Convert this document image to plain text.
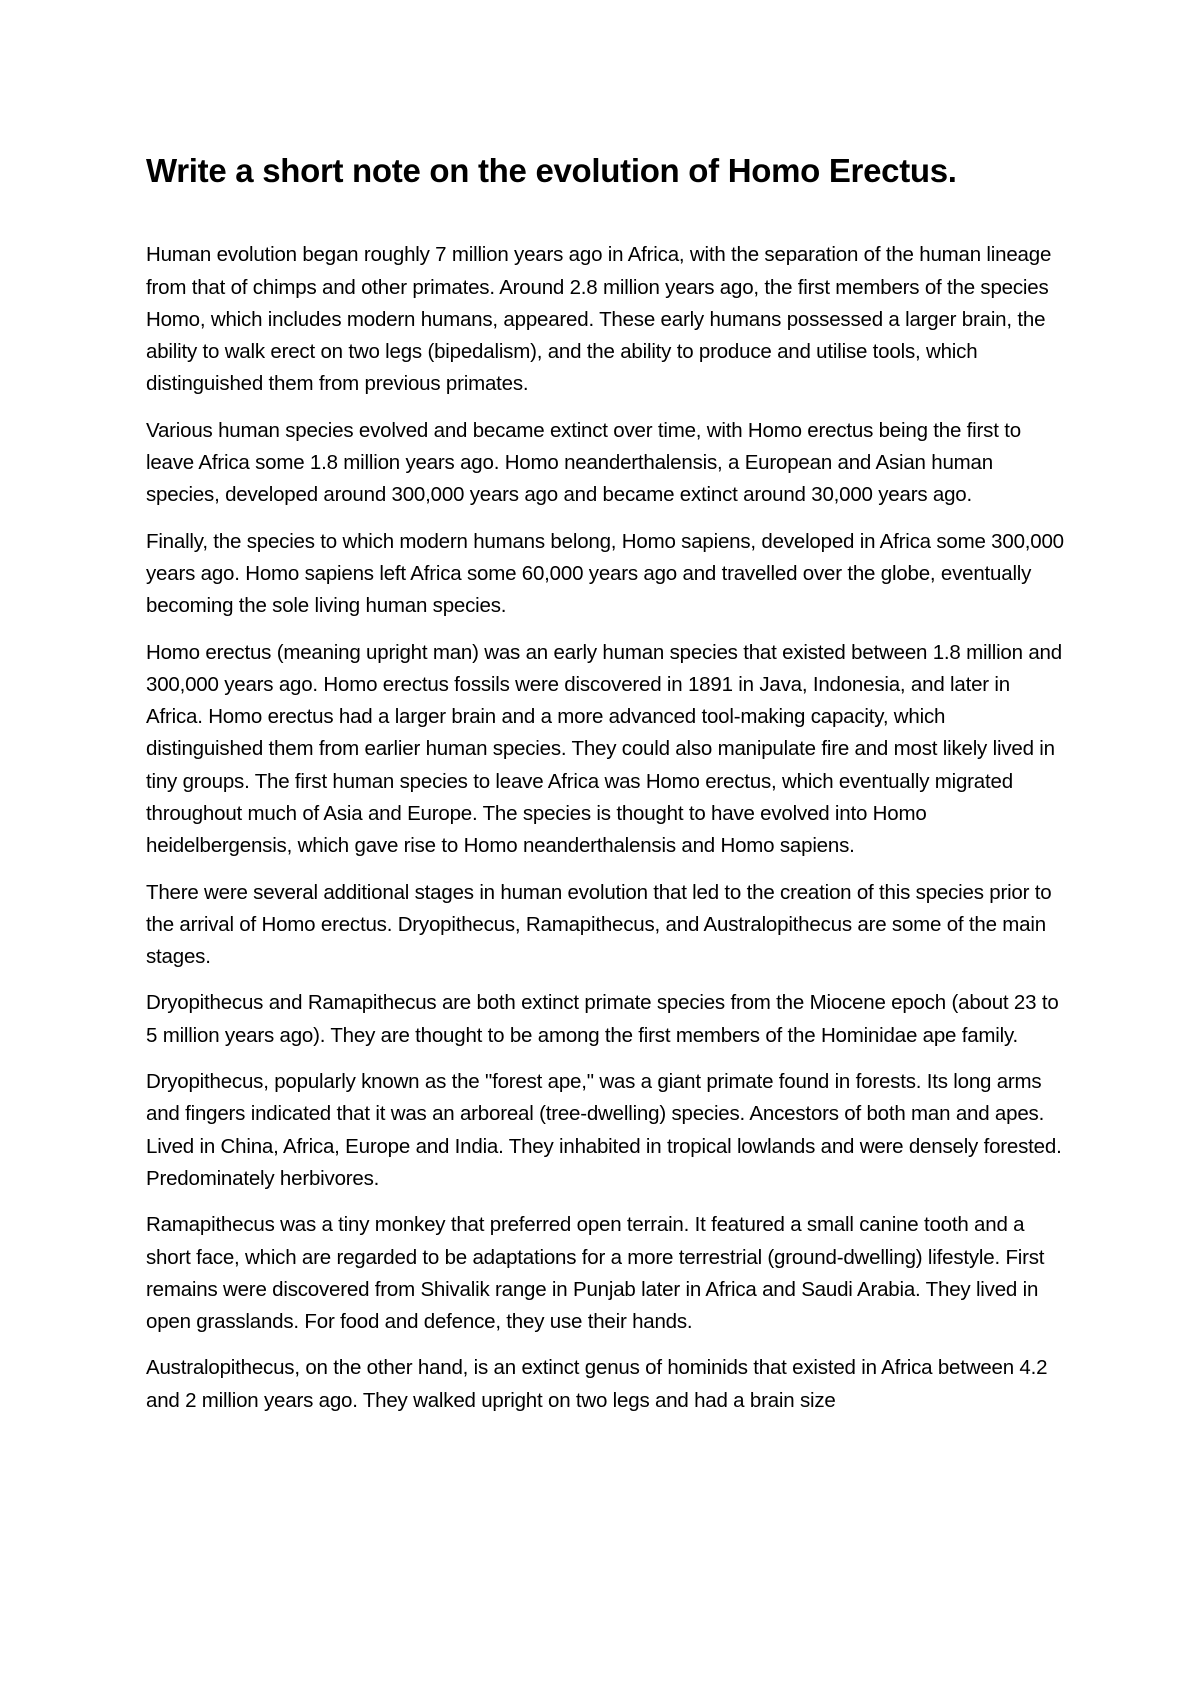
Write a short note on the evolution of Homo Erectus.

Human evolution began roughly 7 million years ago in Africa, with the separation of the human lineage from that of chimps and other primates. Around 2.8 million years ago, the first members of the species Homo, which includes modern humans, appeared. These early humans possessed a larger brain, the ability to walk erect on two legs (bipedalism), and the ability to produce and utilise tools, which distinguished them from previous primates.

Various human species evolved and became extinct over time, with Homo erectus being the first to leave Africa some 1.8 million years ago. Homo neanderthalensis, a European and Asian human species, developed around 300,000 years ago and became extinct around 30,000 years ago.

Finally, the species to which modern humans belong, Homo sapiens, developed in Africa some 300,000 years ago. Homo sapiens left Africa some 60,000 years ago and travelled over the globe, eventually becoming the sole living human species.

Homo erectus (meaning upright man) was an early human species that existed between 1.8 million and 300,000 years ago. Homo erectus fossils were discovered in 1891 in Java, Indonesia, and later in Africa. Homo erectus had a larger brain and a more advanced tool-making capacity, which distinguished them from earlier human species. They could also manipulate fire and most likely lived in tiny groups. The first human species to leave Africa was Homo erectus, which eventually migrated throughout much of Asia and Europe. The species is thought to have evolved into Homo heidelbergensis, which gave rise to Homo neanderthalensis and Homo sapiens.

There were several additional stages in human evolution that led to the creation of this species prior to the arrival of Homo erectus. Dryopithecus, Ramapithecus, and Australopithecus are some of the main stages.

Dryopithecus and Ramapithecus are both extinct primate species from the Miocene epoch (about 23 to 5 million years ago). They are thought to be among the first members of the Hominidae ape family.

Dryopithecus, popularly known as the "forest ape," was a giant primate found in forests. Its long arms and fingers indicated that it was an arboreal (tree-dwelling) species. Ancestors of both man and apes. Lived in China, Africa, Europe and India. They inhabited in tropical lowlands and were densely forested. Predominately herbivores.

Ramapithecus was a tiny monkey that preferred open terrain. It featured a small canine tooth and a short face, which are regarded to be adaptations for a more terrestrial (ground-dwelling) lifestyle. First remains were discovered from Shivalik range in Punjab later in Africa and Saudi Arabia. They lived in open grasslands. For food and defence, they use their hands.

Australopithecus, on the other hand, is an extinct genus of hominids that existed in Africa between 4.2 and 2 million years ago. They walked upright on two legs and had a brain size
